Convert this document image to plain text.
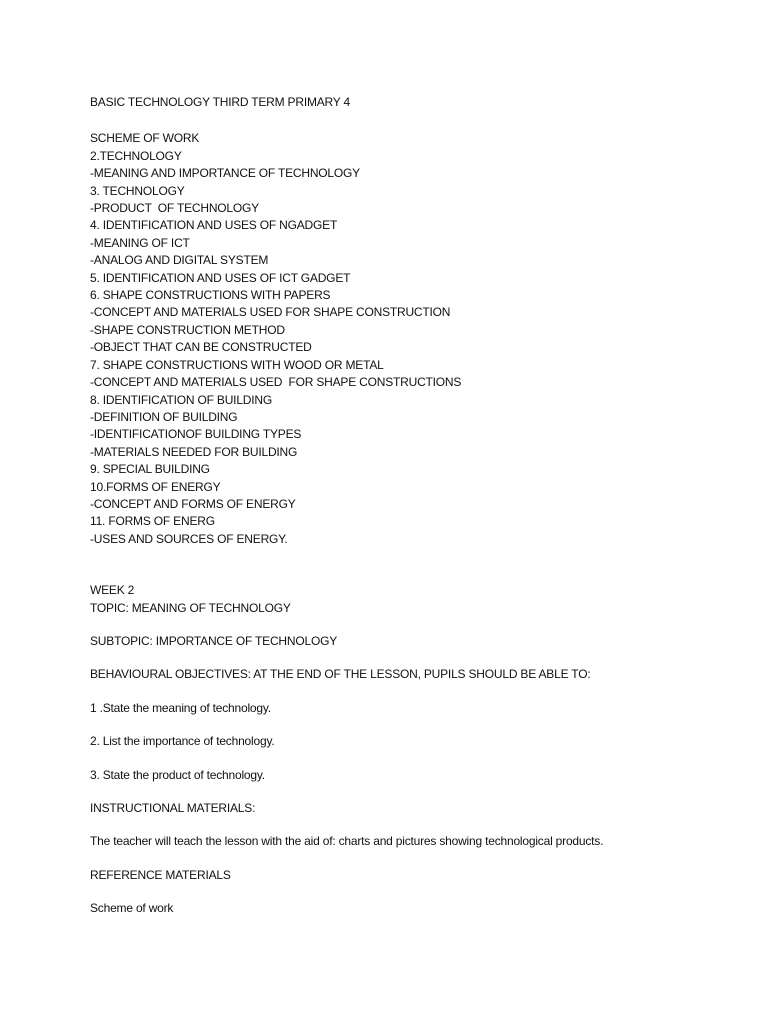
BASIC TECHNOLOGY THIRD TERM PRIMARY 4

SCHEME OF WORK

2.TECHNOLOGY

-MEANING AND IMPORTANCE OF TECHNOLOGY

3. TECHNOLOGY

-PRODUCT  OF TECHNOLOGY

4. IDENTIFICATION AND USES OF NGADGET

-MEANING OF ICT

-ANALOG AND DIGITAL SYSTEM

5. IDENTIFICATION AND USES OF ICT GADGET

6. SHAPE CONSTRUCTIONS WITH PAPERS

-CONCEPT AND MATERIALS USED FOR SHAPE CONSTRUCTION

-SHAPE CONSTRUCTION METHOD

-OBJECT THAT CAN BE CONSTRUCTED

7. SHAPE CONSTRUCTIONS WITH WOOD OR METAL

-CONCEPT AND MATERIALS USED  FOR SHAPE CONSTRUCTIONS

8. IDENTIFICATION OF BUILDING

-DEFINITION OF BUILDING

-IDENTIFICATIONOF BUILDING TYPES

-MATERIALS NEEDED FOR BUILDING

9. SPECIAL BUILDING

10.FORMS OF ENERGY

-CONCEPT AND FORMS OF ENERGY

11. FORMS OF ENERG

-USES AND SOURCES OF ENERGY.

WEEK 2

TOPIC: MEANING OF TECHNOLOGY

SUBTOPIC: IMPORTANCE OF TECHNOLOGY

BEHAVIOURAL OBJECTIVES: AT THE END OF THE LESSON, PUPILS SHOULD BE ABLE TO:

1 .State the meaning of technology.

2. List the importance of technology.

3. State the product of technology.

INSTRUCTIONAL MATERIALS:

The teacher will teach the lesson with the aid of: charts and pictures showing technological products.

REFERENCE MATERIALS

Scheme of work
